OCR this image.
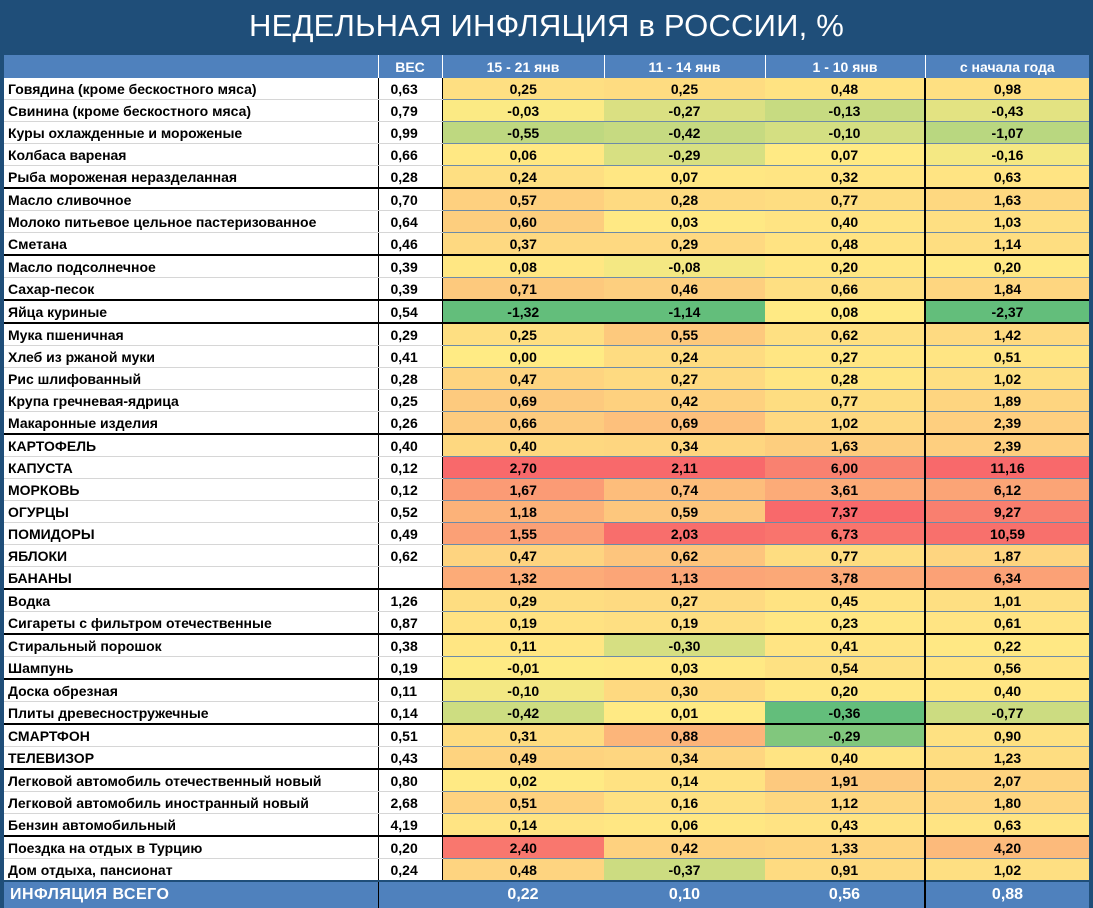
НЕДЕЛЬНАЯ ИНФЛЯЦИЯ в РОССИИ, %
	ВЕС	15 - 21 янв	11 - 14 янв	1 - 10 янв	с начала года
Говядина (кроме бескостного мяса)	0,63	0,25	0,25	0,48	0,98
Свинина (кроме бескостного мяса)	0,79	-0,03	-0,27	-0,13	-0,43
Куры охлажденные и мороженые	0,99	-0,55	-0,42	-0,10	-1,07
Колбаса вареная	0,66	0,06	-0,29	0,07	-0,16
Рыба мороженая неразделанная	0,28	0,24	0,07	0,32	0,63
Масло сливочное	0,70	0,57	0,28	0,77	1,63
Молоко питьевое цельное пастеризованное	0,64	0,60	0,03	0,40	1,03
Сметана	0,46	0,37	0,29	0,48	1,14
Масло подсолнечное	0,39	0,08	-0,08	0,20	0,20
Сахар-песок	0,39	0,71	0,46	0,66	1,84
Яйца куриные	0,54	-1,32	-1,14	0,08	-2,37
Мука пшеничная	0,29	0,25	0,55	0,62	1,42
Хлеб из ржаной муки	0,41	0,00	0,24	0,27	0,51
Рис шлифованный	0,28	0,47	0,27	0,28	1,02
Крупа гречневая-ядрица	0,25	0,69	0,42	0,77	1,89
Макаронные изделия	0,26	0,66	0,69	1,02	2,39
КАРТОФЕЛЬ	0,40	0,40	0,34	1,63	2,39
КАПУСТА	0,12	2,70	2,11	6,00	11,16
МОРКОВЬ	0,12	1,67	0,74	3,61	6,12
ОГУРЦЫ	0,52	1,18	0,59	7,37	9,27
ПОМИДОРЫ	0,49	1,55	2,03	6,73	10,59
ЯБЛОКИ	0,62	0,47	0,62	0,77	1,87
БАНАНЫ		1,32	1,13	3,78	6,34
Водка	1,26	0,29	0,27	0,45	1,01
Сигареты с фильтром отечественные	0,87	0,19	0,19	0,23	0,61
Стиральный порошок	0,38	0,11	-0,30	0,41	0,22
Шампунь	0,19	-0,01	0,03	0,54	0,56
Доска обрезная	0,11	-0,10	0,30	0,20	0,40
Плиты древесностружечные	0,14	-0,42	0,01	-0,36	-0,77
СМАРТФОН	0,51	0,31	0,88	-0,29	0,90
ТЕЛЕВИЗОР	0,43	0,49	0,34	0,40	1,23
Легковой автомобиль отечественный новый	0,80	0,02	0,14	1,91	2,07
Легковой автомобиль иностранный новый	2,68	0,51	0,16	1,12	1,80
Бензин автомобильный	4,19	0,14	0,06	0,43	0,63
Поездка на отдых в Турцию	0,20	2,40	0,42	1,33	4,20
Дом отдыха, пансионат	0,24	0,48	-0,37	0,91	1,02
ИНФЛЯЦИЯ ВСЕГО		0,22	0,10	0,56	0,88
